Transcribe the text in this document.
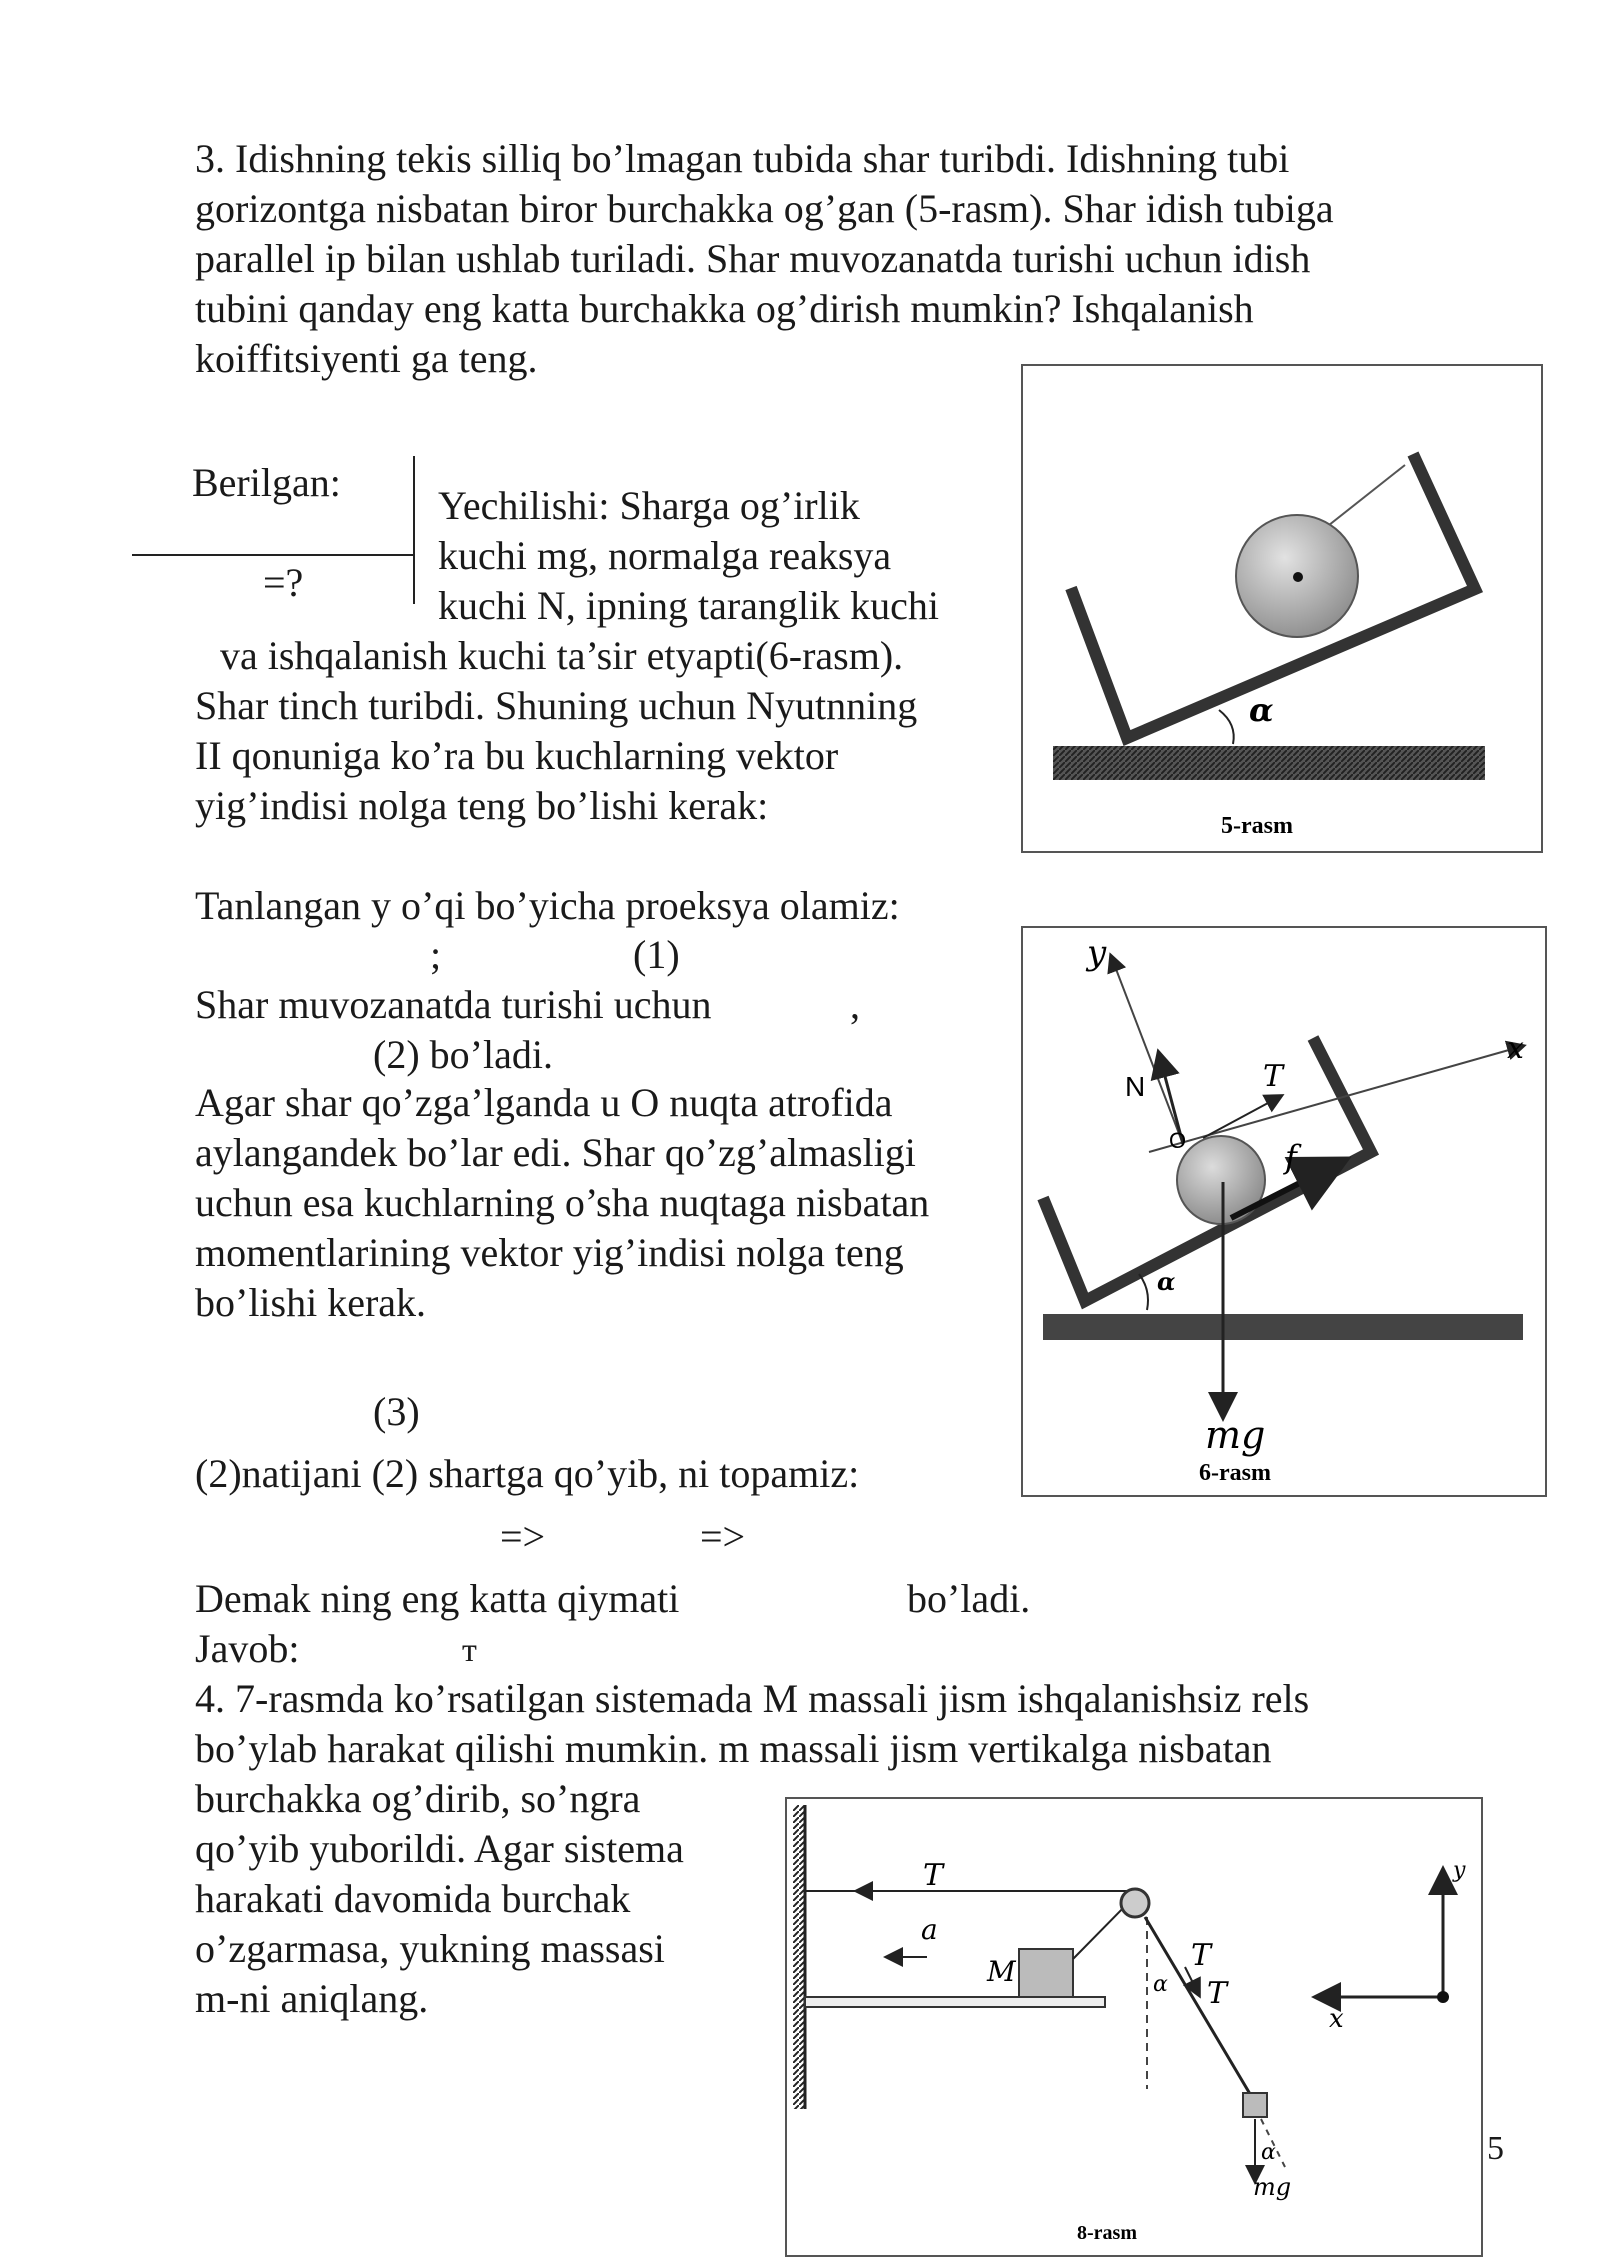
3. Idishning tekis silliq bo’lmagan tubida shar turibdi. Idishning tubi
gorizontga nisbatan biror burchakka og’gan (5-rasm). Shar idish tubiga
parallel ip bilan ushlab turiladi. Shar muvozanatda turishi uchun idish
tubini qanday eng katta burchakka og’dirish mumkin? Ishqalanish
koiffitsiyenti ga teng.
Berilgan:
=?
Yechilishi: Sharga og’irlik
kuchi mg, normalga reaksya
kuchi N, ipning taranglik kuchi
va ishqalanish kuchi ta’sir etyapti(6-rasm).
Shar tinch turibdi. Shuning uchun Nyutnning
II qonuniga ko’ra bu kuchlarning vektor
yig’indisi nolga teng bo’lishi kerak:
Tanlangan y o’qi bo’yicha proeksya olamiz:
;	(1)
Shar muvozanatda turishi uchun	,
(2) bo’ladi.
Agar shar qo’zga’lganda u O nuqta atrofida
aylangandek bo’lar edi. Shar qo’zg’almasligi
uchun esa kuchlarning o’sha nuqtaga nisbatan
momentlarining vektor yig’indisi nolga teng
bo’lishi kerak.
(3)
(2)natijani (2) shartga qo’yib, ni topamiz:
=>	=>
Demak ning eng katta qiymati	bo’ladi.
Javob:	т
4. 7-rasmda ko’rsatilgan sistemada M massali jism ishqalanishsiz rels
bo’ylab harakat qilishi mumkin. m massali jism vertikalga nisbatan
burchakka og’dirib, so’ngra
qo’yib yuborildi. Agar sistema
harakati davomida burchak
o’zgarmasa, yukning massasi
m-ni aniqlang.
α
5-rasm
x
y
N	T
O	f
mg
α
6-rasm
T
a
M	T
T
α
α
mg
y
x
8-rasm
5
